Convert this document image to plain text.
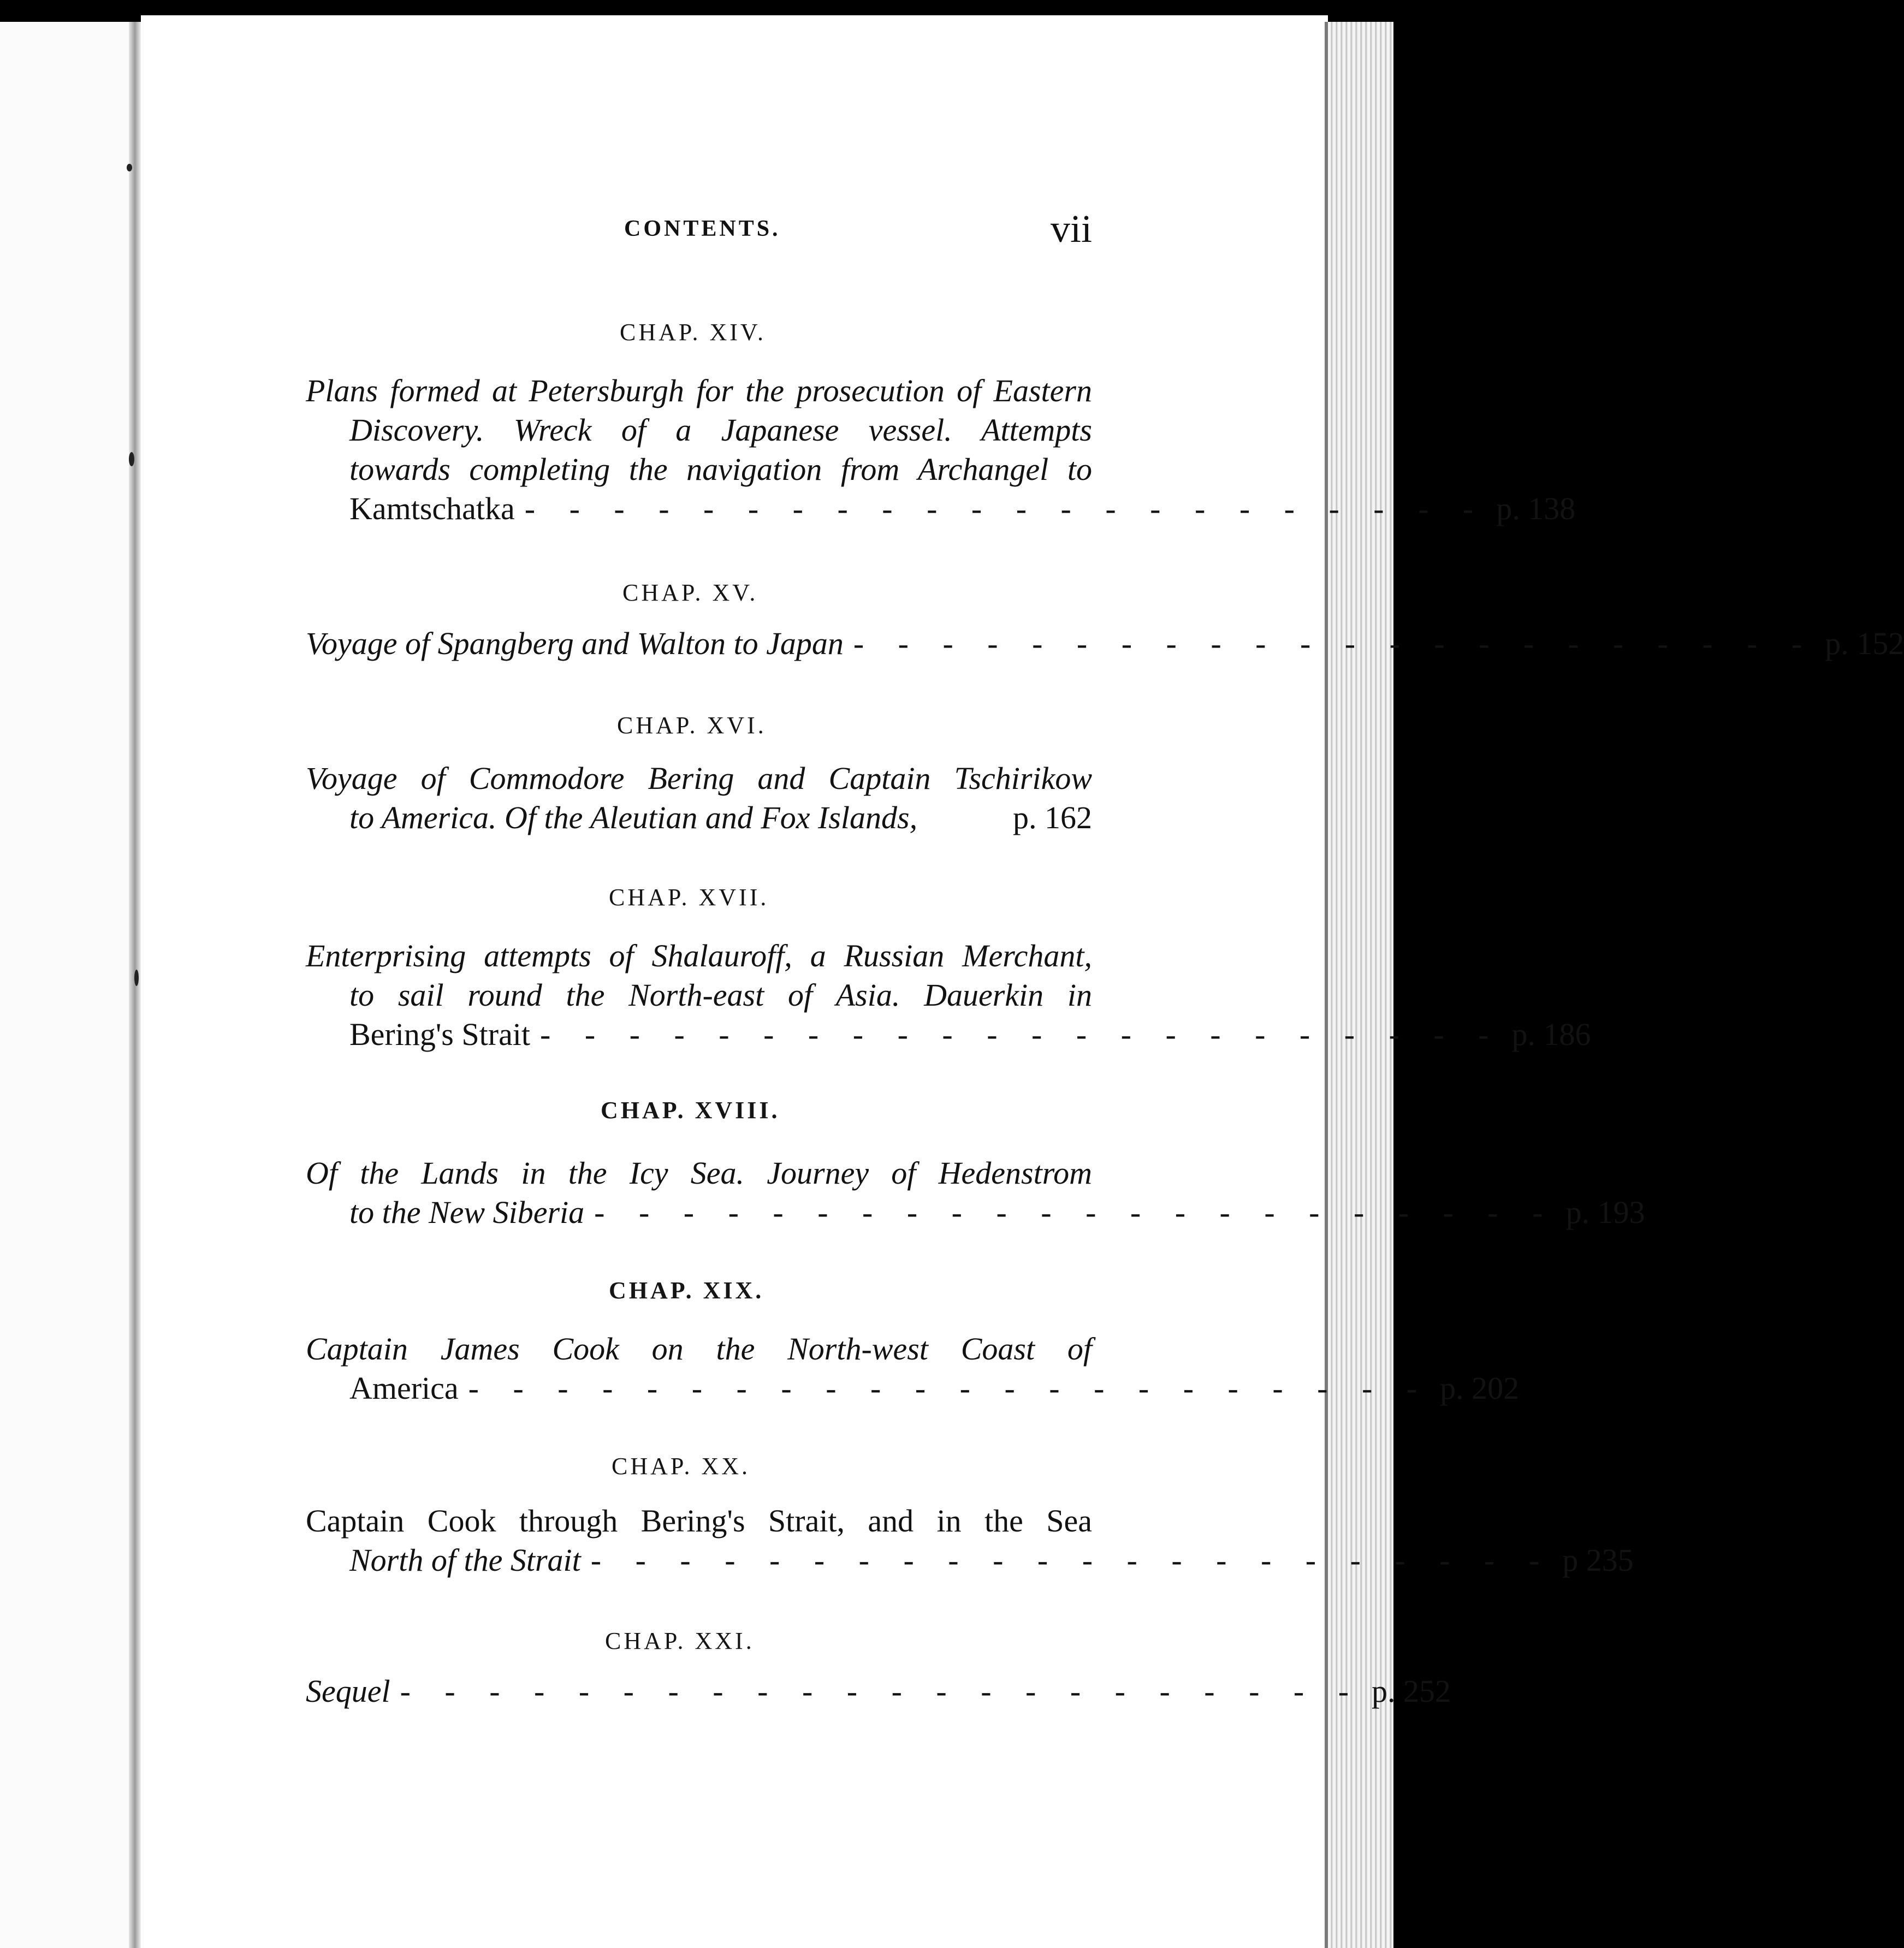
CONTENTS.	vii
CHAP. XIV.
Plans formed at Petersburgh for the prosecution of Eastern
Discovery. Wreck of a Japanese vessel. Attempts
towards completing the navigation from Archangel to
Kamtschatka - - - - - - - - - - - - - - - - - - - - - - p. 138
CHAP. XV.
Voyage of Spangberg and Walton to Japan - - - - - - - - - - - - - - - - - - - - - - p. 152
CHAP. XVI.
Voyage of Commodore Bering and Captain Tschirikow
to America. Of the Aleutian and Fox Islands,	p. 162
CHAP. XVII.
Enterprising attempts of Shalauroff, a Russian Merchant,
to sail round the North-east of Asia. Dauerkin in
Bering's Strait - - - - - - - - - - - - - - - - - - - - - - p. 186
CHAP. XVIII.
Of the Lands in the Icy Sea. Journey of Hedenstrom
to the New Siberia - - - - - - - - - - - - - - - - - - - - - - p. 193
CHAP. XIX.
Captain James Cook on the North-west Coast of
America - - - - - - - - - - - - - - - - - - - - - - p. 202
CHAP. XX.
Captain Cook through Bering's Strait, and in the Sea
North of the Strait - - - - - - - - - - - - - - - - - - - - - - p 235
CHAP. XXI.
Sequel - - - - - - - - - - - - - - - - - - - - - - p. 252
